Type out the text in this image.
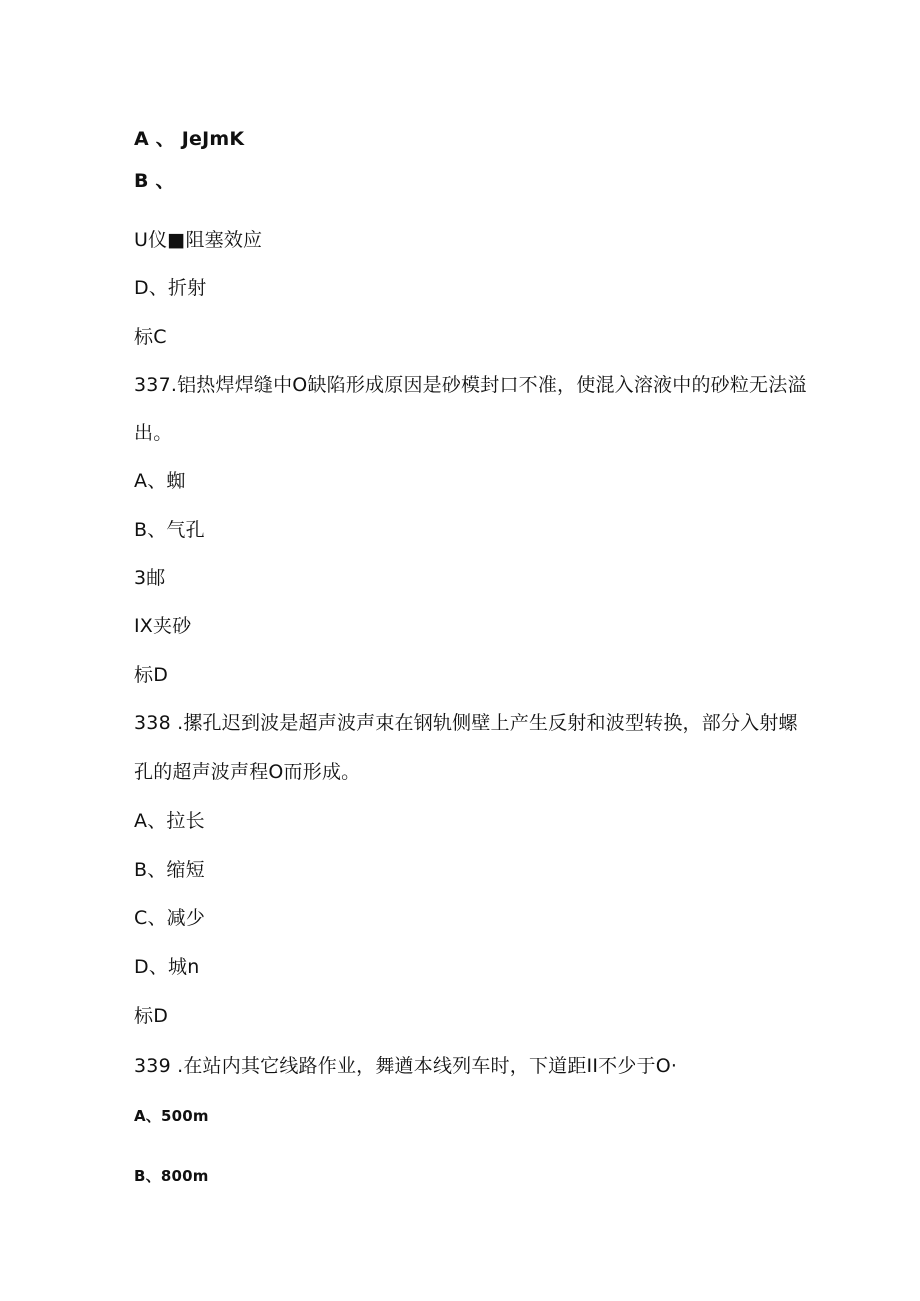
A 、 JeJmK
B 、
U仪■阻塞效应
D、折射
标C
337.铝热焊焊缝中O缺陷形成原因是砂模封口不准，使混入溶液中的砂粒无法溢
出。
A、蜘
B、气孔
3邮
IX夹砂
标D
338 .摞孔迟到波是超声波声束在钢轨侧壁上产生反射和波型转换，部分入射螺
孔的超声波声程O而形成。
A、拉长
B、缩短
C、减少
D、城n
标D
339 .在站内其它线路作业，舞遒本线列车时，下道距II不少于O·
A、500m
B、800m
